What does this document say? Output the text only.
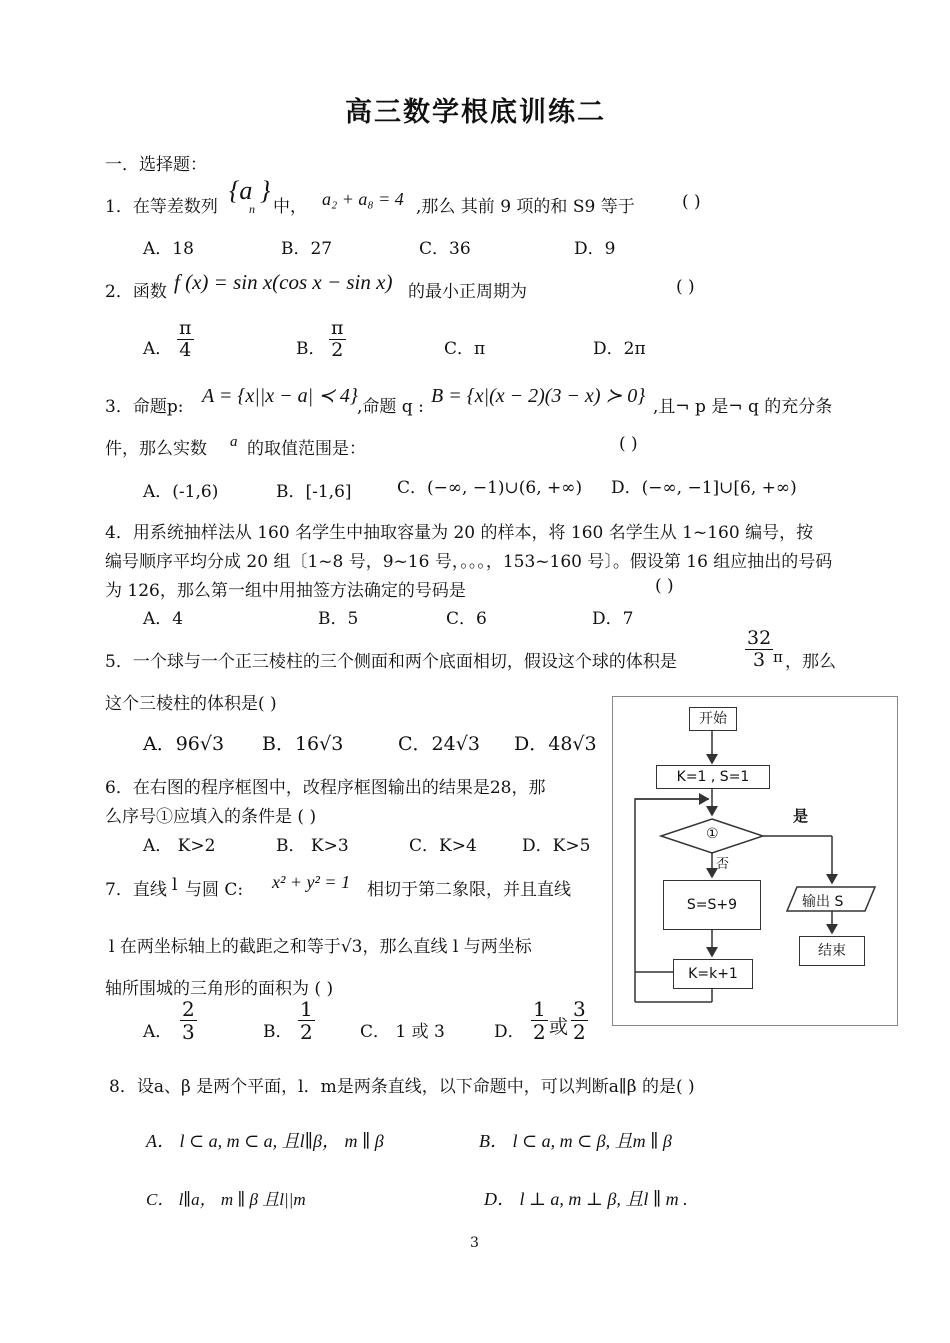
高三数学根底训练二
一．选择题：
1．在等差数列
{a
n
}
中， a₂ + a₈ = 4 ,那么 其前 9 项的和 S9 等于	( )
A．18	B．27	C．36	D．9
2．函数 f (x) = sin x(cos x − sin x) 的最小正周期为	( )
A． $\frac{\pi}{4}$	B． $\frac{\pi}{2}$	C．π	D．2π
3．命题p: A = {x||x − a| ≺ 4} ,命题 q : B = {x|(x − 2)(3 − x) ≻ 0} ,且¬ p 是¬ q 的充分条
件，那么实数 a 的取值范围是：	( )
A．(-1,6)	B．[-1,6]	C．(−∞, −1)∪(6, +∞) D．(−∞, −1]∪[6, +∞)
4．用系统抽样法从 160 名学生中抽取容量为 20 的样本，将 160 名学生从 1~160 编号，按
编号顺序平均分成 20 组〔1~8 号，9~16 号，。。。，153~160 号〕。假设第 16 组应抽出的号码
为 126，那么第一组中用抽签方法确定的号码是	( )
A．4	B．5	C．6	D．7
5．一个球与一个正三棱柱的三个侧面和两个底面相切，假设这个球的体积是	$\frac{32}{3}$ π ，那么
这个三棱柱的体积是( )
A．96√3 B．16√3	C．24√3 D．48√3
6．在右图的程序框图中，改程序框图输出的结果是28，那
么序号①应填入的条件是 ( )
A． K>2	B． K>3	C．K>4	D．K>5
7．直线 l 与圆 C: x² + y² = 1 相切于第二象限，并且直线
l 在两坐标轴上的截距之和等于√3，那么直线 l 与两坐标
轴所围城的三角形的面积为 ( )
A． $\frac{2}{3}$	B． $\frac{1}{2}$	C． 1 或 3	D． $\frac{1}{2}$ 或 $\frac{3}{2}$
8．设a、β 是两个平面，l．m是两条直线，以下命题中，可以判断a∥β 的是( )
A． l ⊂ a, m ⊂ a, 且l∥β， m ∥ β	B． l ⊂ a, m ⊂ β, 且m ∥ β
C． l∥a， m ∥ β 且l||m	D． l ⊥ a, m ⊥ β, 且l ∥ m .
开始
K=1 , S=1
①
是
否
S=S+9
K=k+1
输出 S
结束
3
